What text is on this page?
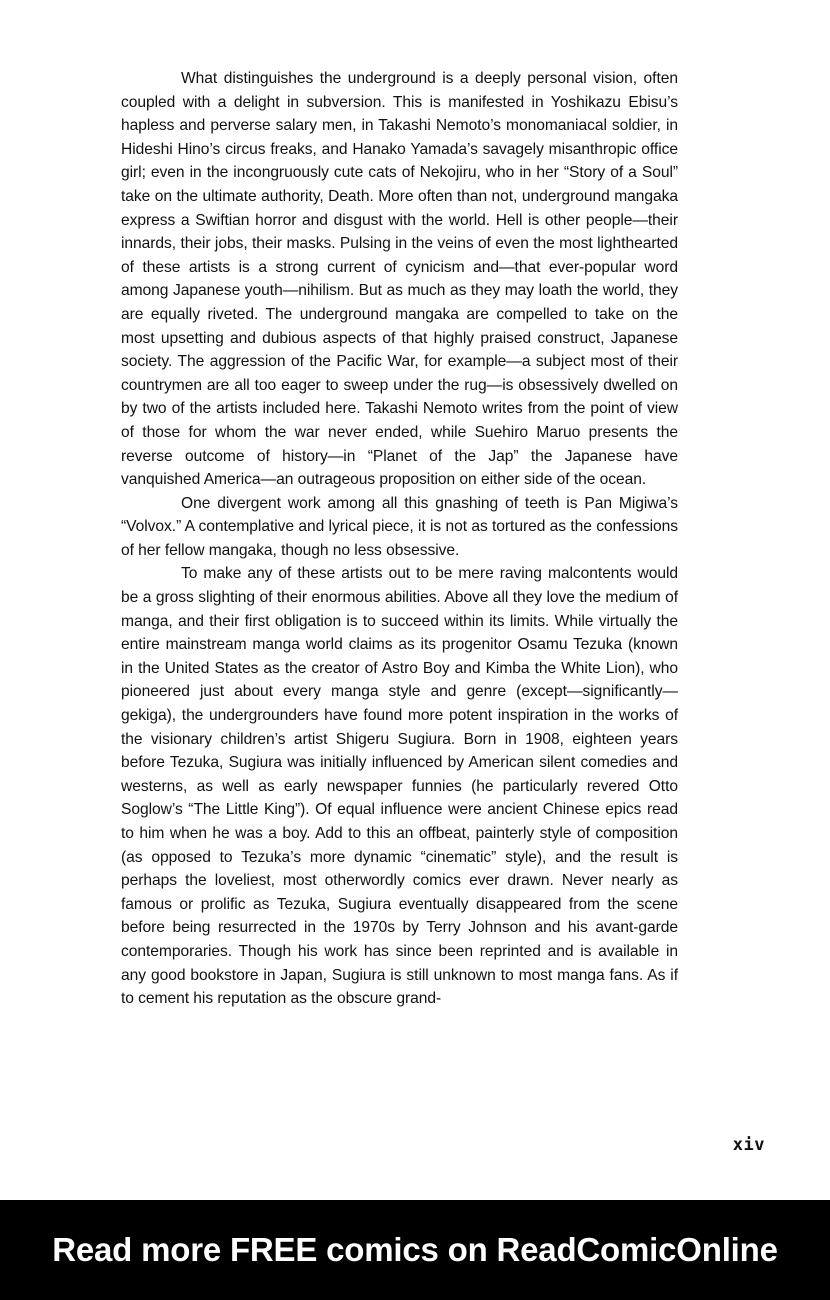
What distinguishes the underground is a deeply personal vision, often coupled with a delight in subversion. This is manifested in Yoshikazu Ebisu’s hapless and perverse salary men, in Takashi Nemoto’s monomaniacal soldier, in Hideshi Hino’s circus freaks, and Hanako Yamada’s savagely misanthropic office girl; even in the incongruously cute cats of Nekojiru, who in her “Story of a Soul” take on the ultimate authority, Death. More often than not, underground mangaka express a Swiftian horror and disgust with the world. Hell is other people—their innards, their jobs, their masks. Pulsing in the veins of even the most lighthearted of these artists is a strong current of cynicism and—that ever-popular word among Japanese youth—nihilism. But as much as they may loath the world, they are equally riveted. The underground mangaka are compelled to take on the most upsetting and dubious aspects of that highly praised construct, Japanese society. The aggression of the Pacific War, for example—a subject most of their countrymen are all too eager to sweep under the rug—is obsessively dwelled on by two of the artists included here. Takashi Nemoto writes from the point of view of those for whom the war never ended, while Suehiro Maruo presents the reverse outcome of history—in “Planet of the Jap” the Japanese have vanquished America—an outrageous proposition on either side of the ocean.

One divergent work among all this gnashing of teeth is Pan Migiwa’s “Volvox.” A contemplative and lyrical piece, it is not as tortured as the confessions of her fellow mangaka, though no less obsessive.

To make any of these artists out to be mere raving malcontents would be a gross slighting of their enormous abilities. Above all they love the medium of manga, and their first obligation is to succeed within its limits. While virtually the entire mainstream manga world claims as its progenitor Osamu Tezuka (known in the United States as the creator of Astro Boy and Kimba the White Lion), who pioneered just about every manga style and genre (except—significantly—gekiga), the undergrounders have found more potent inspiration in the works of the visionary children’s artist Shigeru Sugiura. Born in 1908, eighteen years before Tezuka, Sugiura was initially influenced by American silent comedies and westerns, as well as early newspaper funnies (he particularly revered Otto Soglow’s “The Little King”). Of equal influence were ancient Chinese epics read to him when he was a boy. Add to this an offbeat, painterly style of composition (as opposed to Tezuka’s more dynamic “cinematic” style), and the result is perhaps the loveliest, most otherwordly comics ever drawn. Never nearly as famous or prolific as Tezuka, Sugiura eventually disappeared from the scene before being resurrected in the 1970s by Terry Johnson and his avant-garde contemporaries. Though his work has since been reprinted and is available in any good bookstore in Japan, Sugiura is still unknown to most manga fans. As if to cement his reputation as the obscure grand-

xiv
Read more FREE comics on ReadComicOnline
